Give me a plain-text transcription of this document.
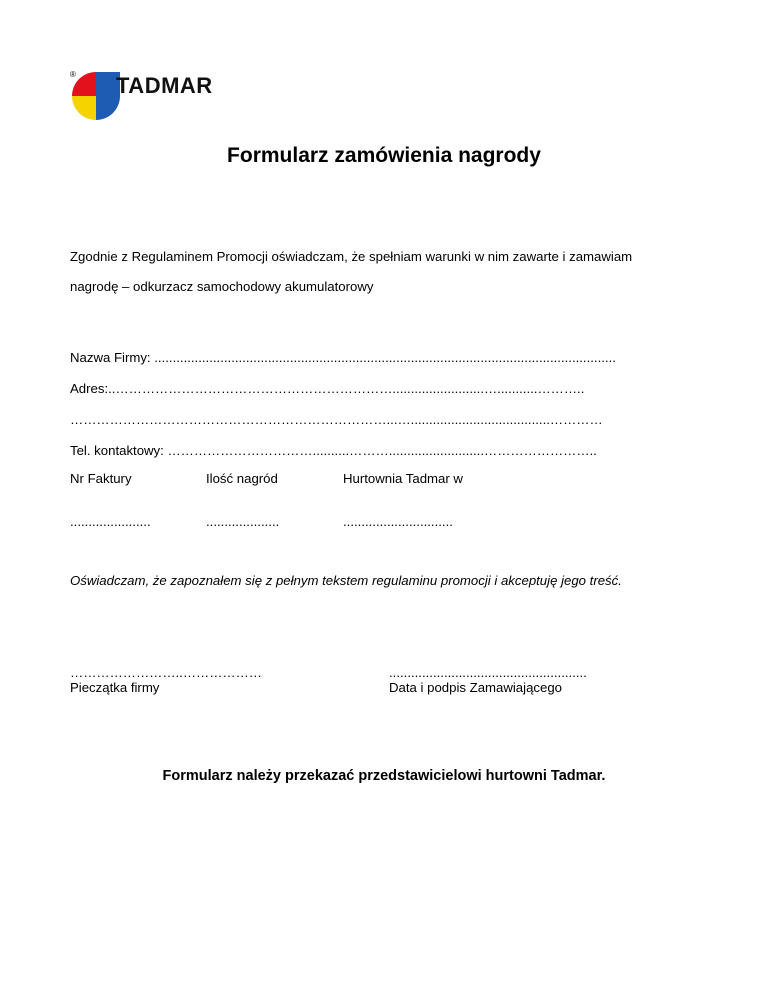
® TADMAR
Formularz zamówienia nagrody
Zgodnie z Regulaminem Promocji oświadczam, że spełniam warunki w nim zawarte i zamawiam
nagrodę – odkurzacz samochodowy akumulatorowy
Nazwa Firmy: ..............................................................................................................................
Adres:..……………………………………………………….........................…...........………..
………………………………………………………………...…......................................…………
Tel. kontaktowy: ……………………………..........………..........................……………………..
Nr Faktury	Ilość nagród	Hurtownia Tadmar w
......................	....................	..............................
Oświadczam, że zapoznałem się z pełnym tekstem regulaminu promocji i akceptuję jego treść.
……………………..………………
Pieczątka firmy
......................................................
Data i podpis Zamawiającego
Formularz należy przekazać przedstawicielowi hurtowni Tadmar.
